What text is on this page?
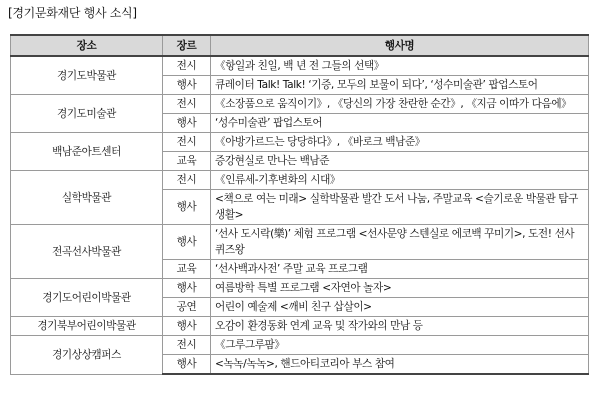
[경기문화재단 행사 소식]
장소	장르	행사명
경기도박물관	전시	《항일과 친일, 백 년 전 그들의 선택》
	행사	큐레이터 Talk! Talk! ‘기증, 모두의 보물이 되다’, ‘성수미술관’ 팝업스토어
경기도미술관	전시	《소장품으로 움직이기》, 《당신의 가장 찬란한 순간》, 《지금 이따가 다음에》
	행사	‘성수미술관’ 팝업스토어
백남준아트센터	전시	《아방가르드는 당당하다》, 《바로크 백남준》
	교육	증강현실로 만나는 백남준
실학박물관	전시	《인류세-기후변화의 시대》
	행사	<책으로 여는 미래> 실학박물관 발간 도서 나눔, 주말교육 <슬기로운 박물관 탐구생활>
전곡선사박물관	행사	‘선사 도시락(樂)’ 체험 프로그램 <선사문양 스텐실로 에코백 꾸미기>, 도전! 선사 퀴즈왕
	교육	‘선사백과사전’ 주말 교육 프로그램
경기도어린이박물관	행사	여름방학 특별 프로그램 <자연아 놀자>
	공연	어린이 예술제 <깨비 친구 삽살이>
경기북부어린이박물관	행사	오감이 환경동화 연계 교육 및 작가와의 만남 등
경기상상캠퍼스	전시	《그루그루팜》
	행사	<녹녹/녹녹>, 핸드아티코리아 부스 참여
